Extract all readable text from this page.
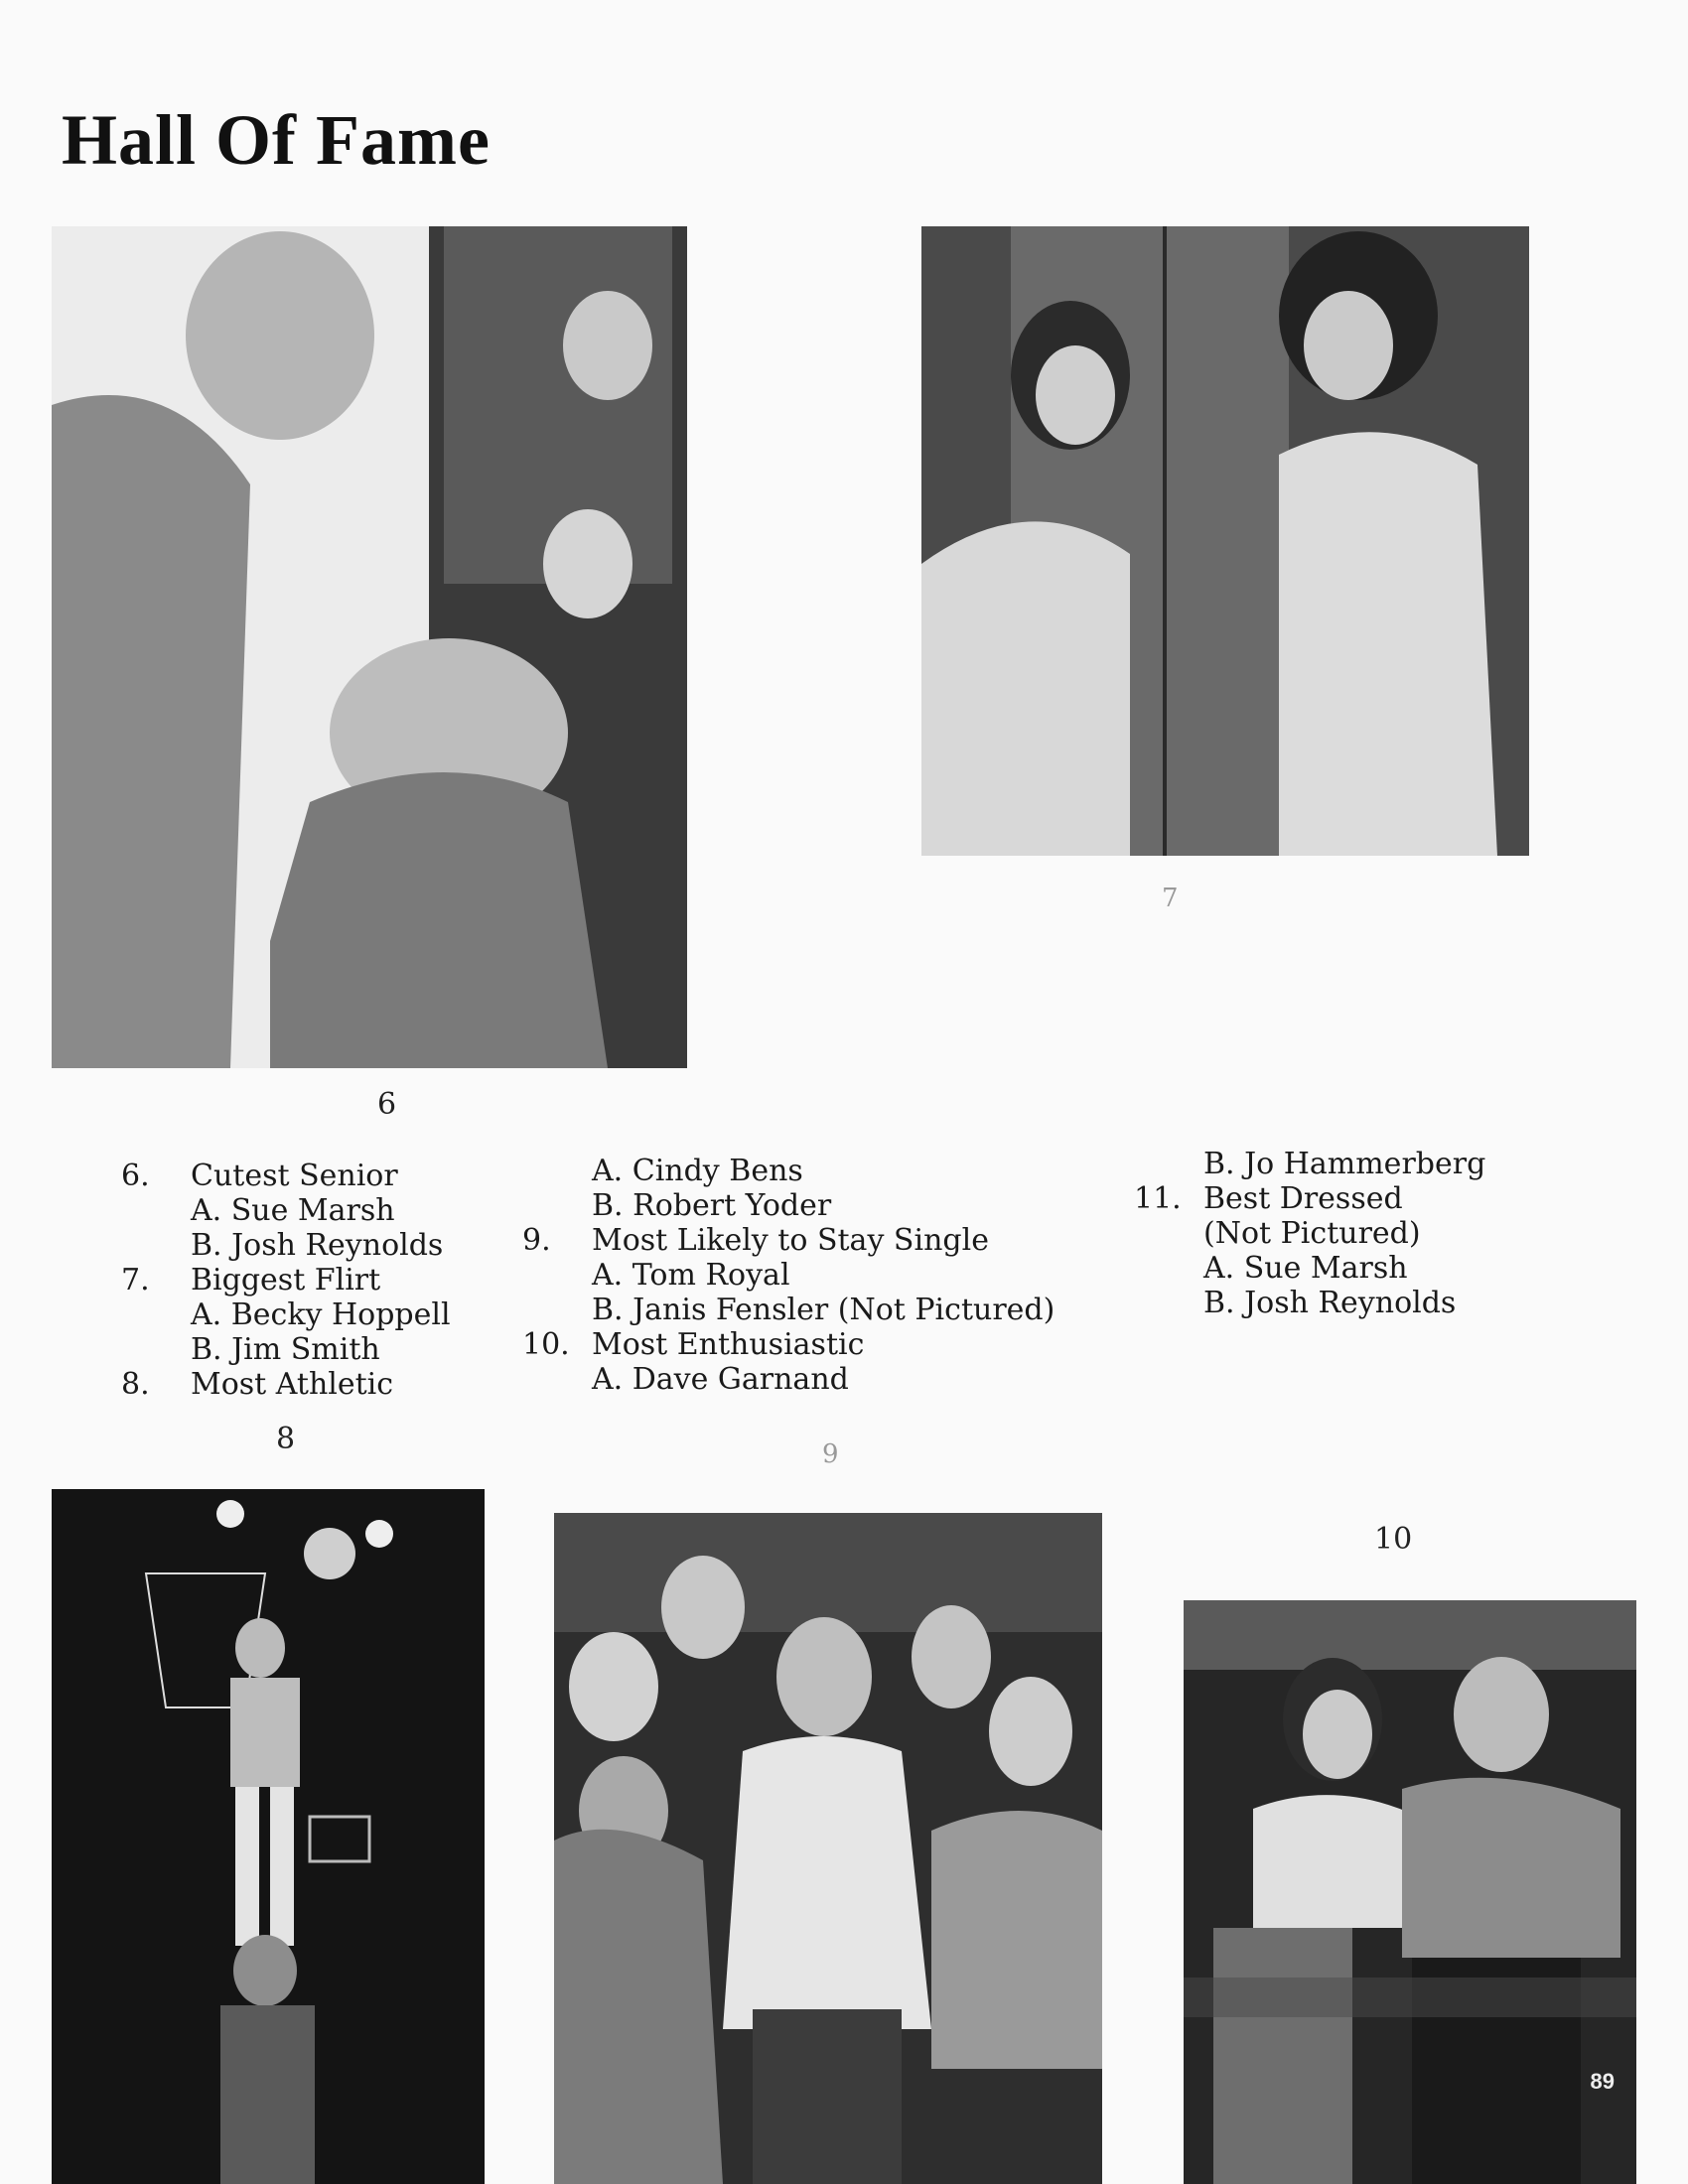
Hall Of Fame
6
7
6.	Cutest Senior
A. Sue Marsh
B. Josh Reynolds
7.	Biggest Flirt
A. Becky Hoppell
B. Jim Smith
8.	Most Athletic
A. Cindy Bens
B. Robert Yoder
9.	Most Likely to Stay Single
A. Tom Royal
B. Janis Fensler (Not Pictured)
10. Most Enthusiastic
A. Dave Garnand
B. Jo Hammerberg
11. Best Dressed
(Not Pictured)
A. Sue Marsh
B. Josh Reynolds
8	9
10
89
